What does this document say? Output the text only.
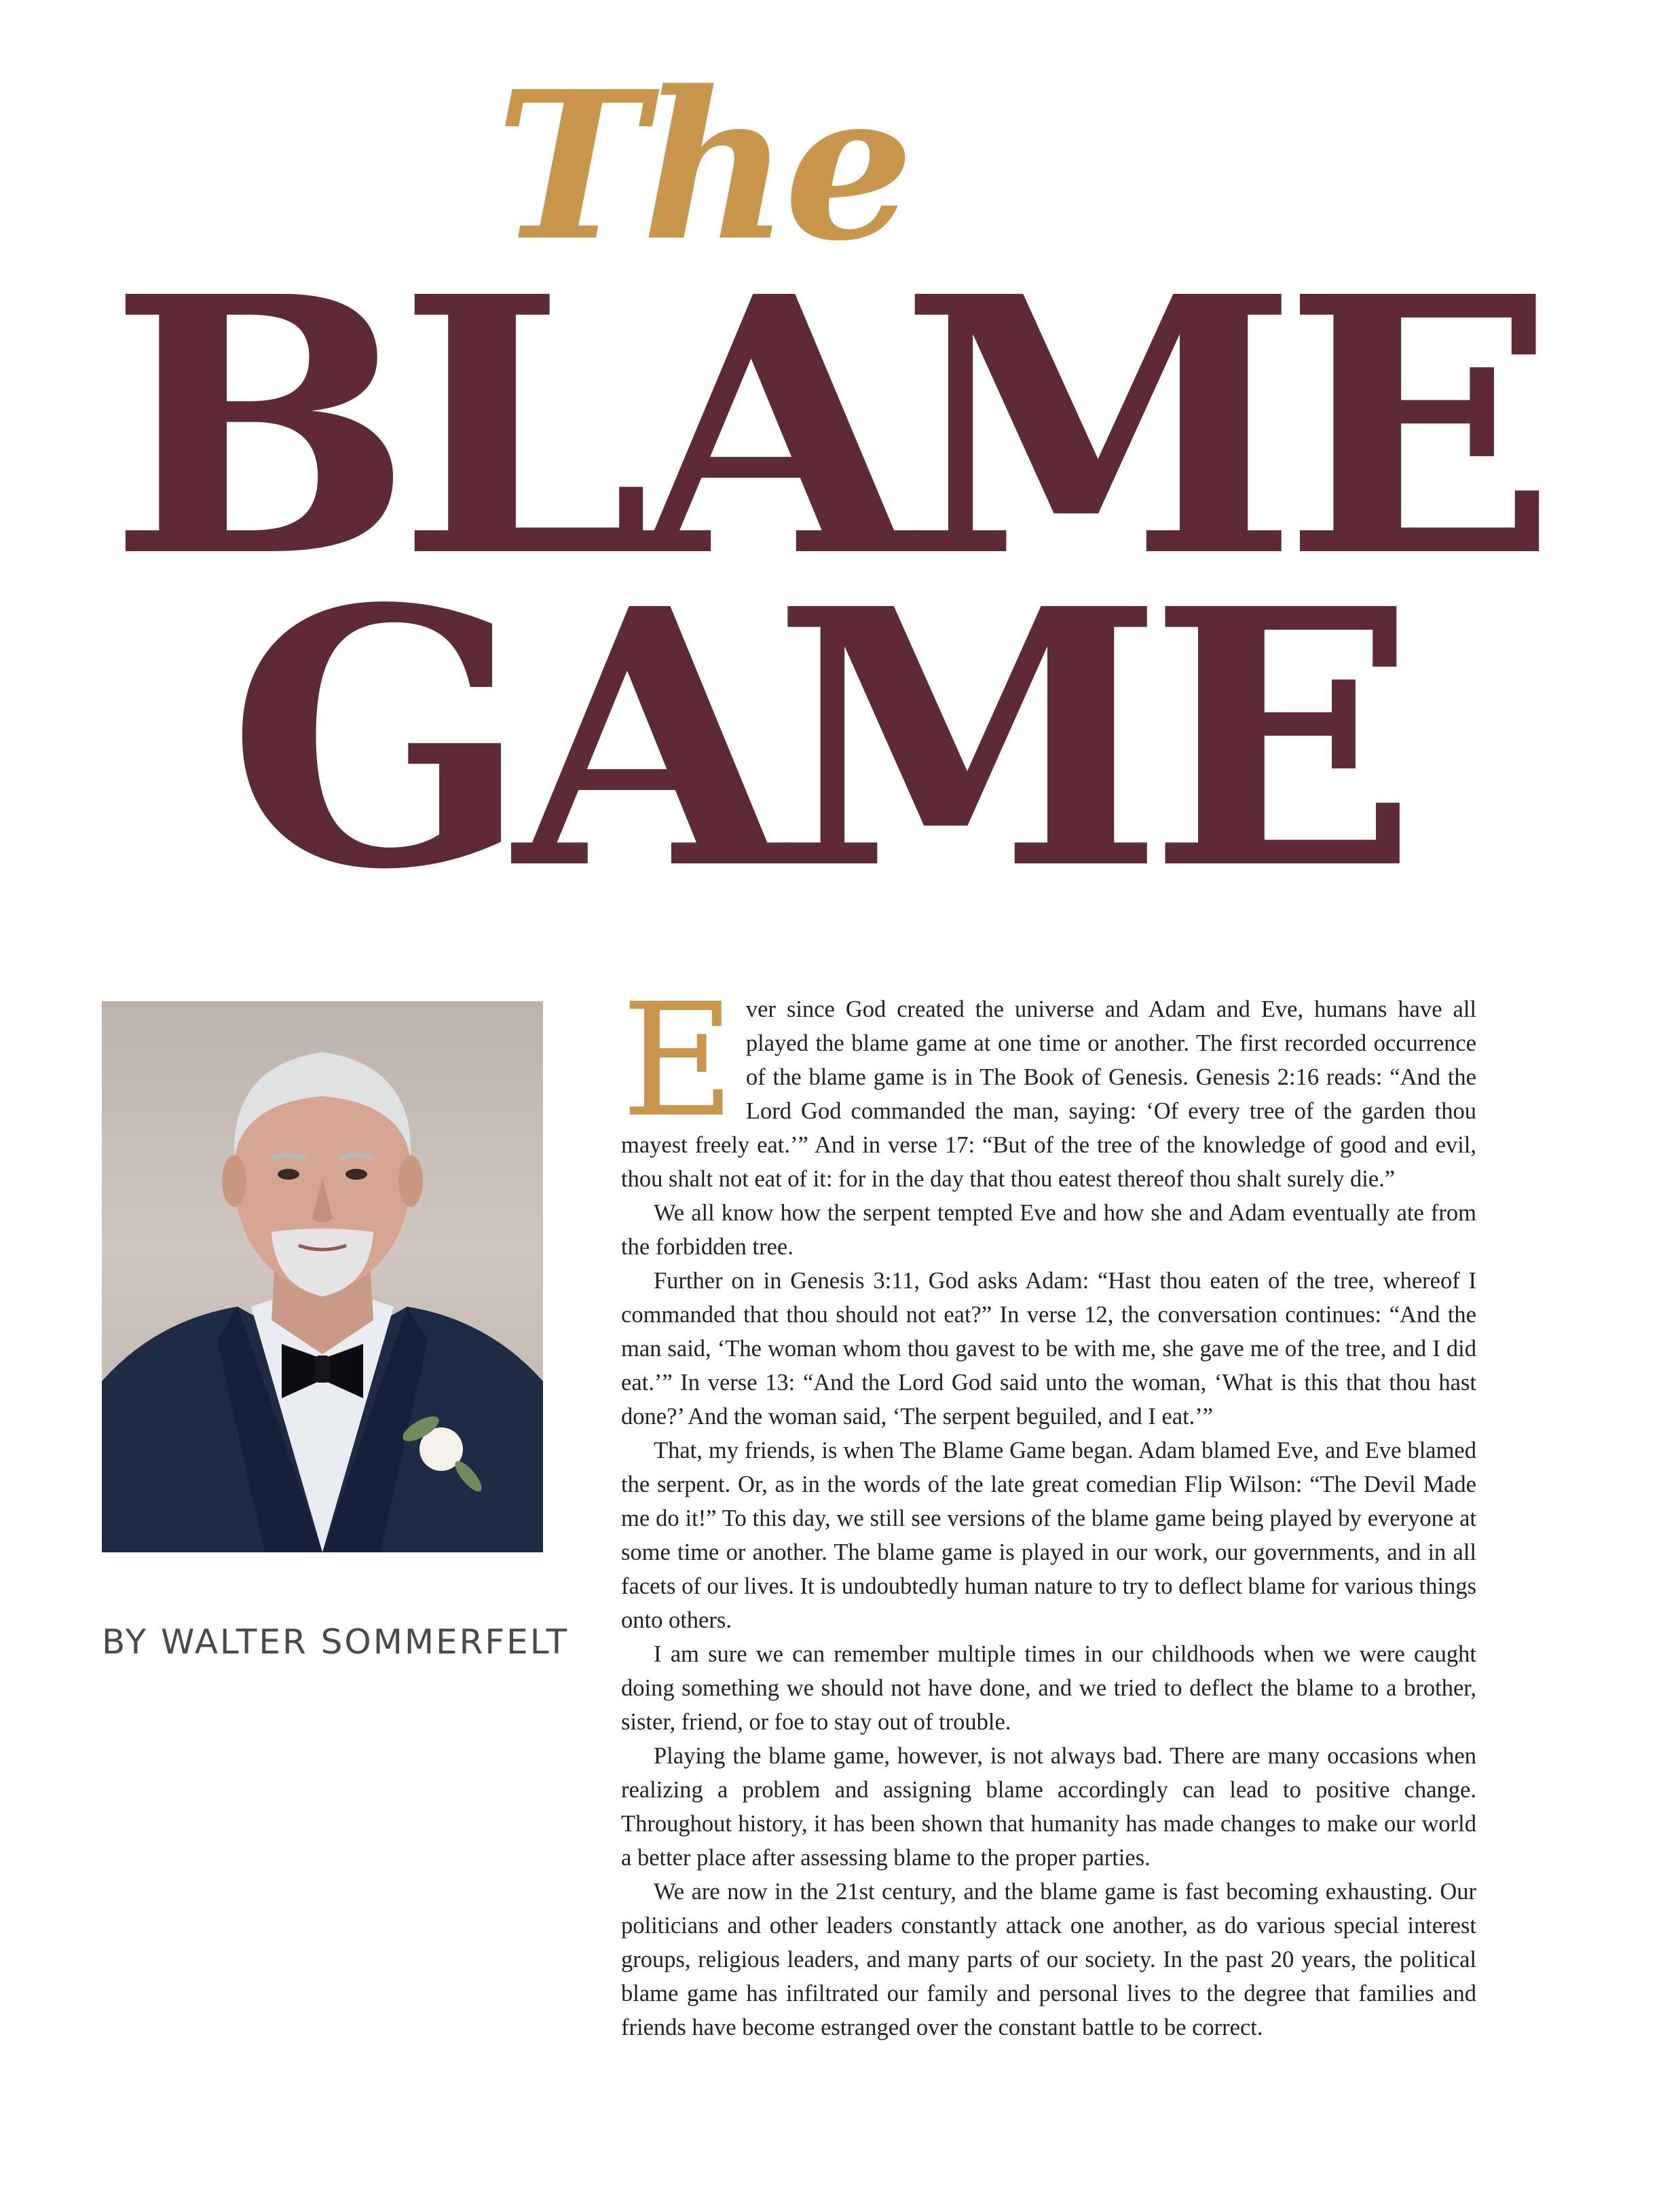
The
BLAME
GAME

BY WALTER SOMMERFELT

Ever since God created the universe and Adam and Eve, humans have all played the blame game at one time or another. The first recorded occurrence of the blame game is in The Book of Genesis. Genesis 2:16 reads: “And the Lord God commanded the man, saying: ‘Of every tree of the garden thou mayest freely eat.’” And in verse 17: “But of the tree of the knowledge of good and evil, thou shalt not eat of it: for in the day that thou eatest thereof thou shalt surely die.”

We all know how the serpent tempted Eve and how she and Adam eventually ate from the forbidden tree.

Further on in Genesis 3:11, God asks Adam: “Hast thou eaten of the tree, whereof I commanded that thou should not eat?” In verse 12, the conversation continues: “And the man said, ‘The woman whom thou gavest to be with me, she gave me of the tree, and I did eat.’” In verse 13: “And the Lord God said unto the woman, ‘What is this that thou hast done?’ And the woman said, ‘The serpent beguiled, and I eat.’”

That, my friends, is when The Blame Game began. Adam blamed Eve, and Eve blamed the serpent. Or, as in the words of the late great comedian Flip Wilson: “The Devil Made me do it!” To this day, we still see versions of the blame game being played by everyone at some time or another. The blame game is played in our work, our governments, and in all facets of our lives. It is undoubtedly human nature to try to deflect blame for various things onto others.

I am sure we can remember multiple times in our childhoods when we were caught doing something we should not have done, and we tried to deflect the blame to a brother, sister, friend, or foe to stay out of trouble.

Playing the blame game, however, is not always bad. There are many occasions when realizing a problem and assigning blame accordingly can lead to positive change. Throughout history, it has been shown that humanity has made changes to make our world a better place after assessing blame to the proper parties.

We are now in the 21st century, and the blame game is fast becoming exhausting. Our politicians and other leaders constantly attack one another, as do various special interest groups, religious leaders, and many parts of our society. In the past 20 years, the political blame game has infiltrated our family and personal lives to the degree that families and friends have become estranged over the constant battle to be correct.
